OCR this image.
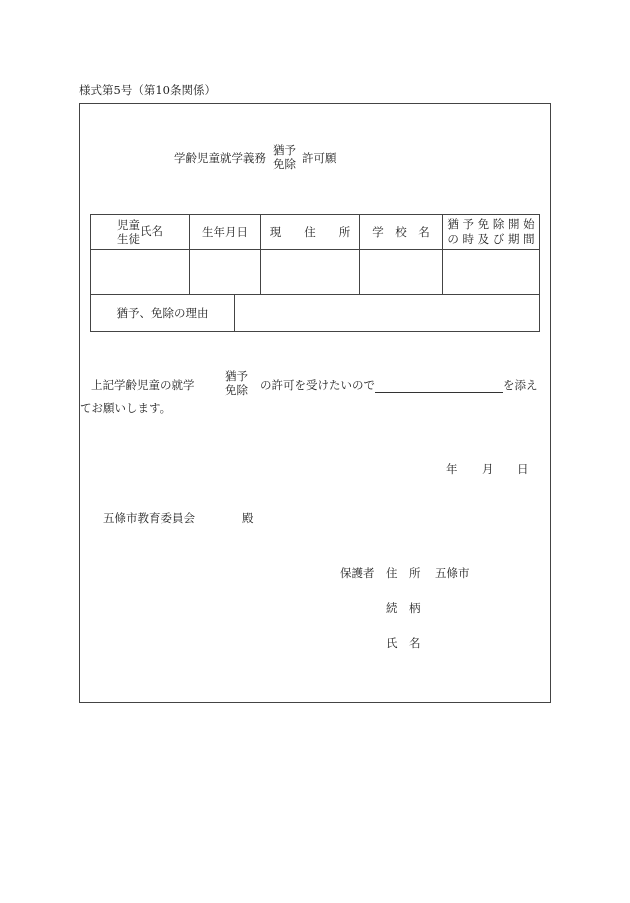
様式第5号（第10条関係）
学齢児童就学義務
猶予
免除 許可願
児童
生徒
氏名	生年月日	現　　住　　所	学　校　名	猶 予 免 除 開 始
の 時 及 び 期 間

猶予、免除の理由

上記学齢児童の就学
猶予
免除 の許可を受けたいので	を添え
てお願いします。
年 月 日
五條市教育委員会	殿
保護者 住　所 五條市
続　柄
氏　名
